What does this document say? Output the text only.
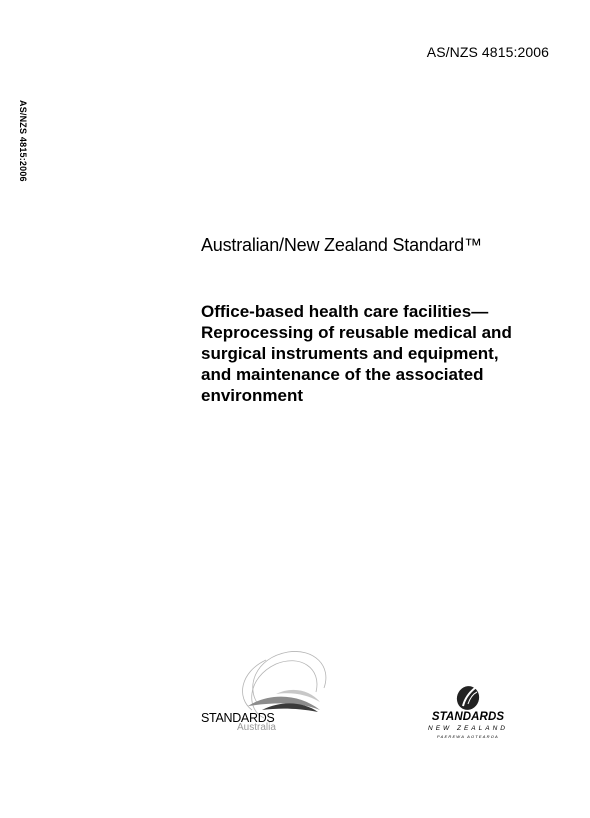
AS/NZS 4815:2006
AS/NZS 4815:2006
Australian/New Zealand Standard™
Office-based health care facilities—
Reprocessing of reusable medical and
surgical instruments and equipment,
and maintenance of the associated
environment
STANDARDS
Australia
STANDARDS
NEW ZEALAND
PAEREWA AOTEAROA
